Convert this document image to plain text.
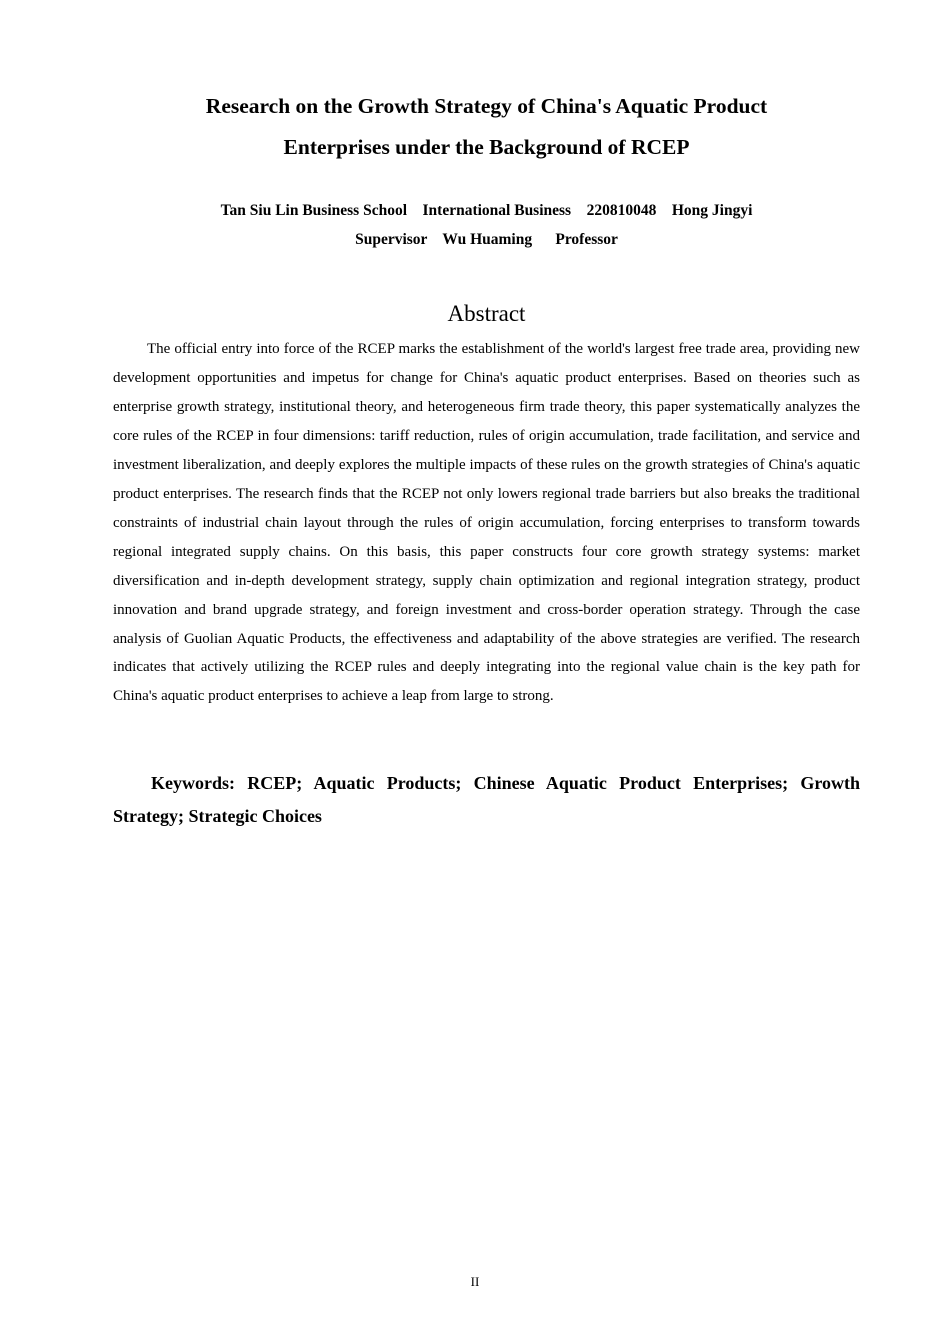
Research on the Growth Strategy of China's Aquatic Product
Enterprises under the Background of RCEP

Tan Siu Lin Business School    International Business    220810048    Hong Jingyi

Supervisor    Wu Huaming      Professor

Abstract

The official entry into force of the RCEP marks the establishment of the world's largest free trade area, providing new development opportunities and impetus for change for China's aquatic product enterprises. Based on theories such as enterprise growth strategy, institutional theory, and heterogeneous firm trade theory, this paper systematically analyzes the core rules of the RCEP in four dimensions: tariff reduction, rules of origin accumulation, trade facilitation, and service and investment liberalization, and deeply explores the multiple impacts of these rules on the growth strategies of China's aquatic product enterprises. The research finds that the RCEP not only lowers regional trade barriers but also breaks the traditional constraints of industrial chain layout through the rules of origin accumulation, forcing enterprises to transform towards regional integrated supply chains. On this basis, this paper constructs four core growth strategy systems: market diversification and in-depth development strategy, supply chain optimization and regional integration strategy, product innovation and brand upgrade strategy, and foreign investment and cross-border operation strategy. Through the case analysis of Guolian Aquatic Products, the effectiveness and adaptability of the above strategies are verified. The research indicates that actively utilizing the RCEP rules and deeply integrating into the regional value chain is the key path for China's aquatic product enterprises to achieve a leap from large to strong.

Keywords: RCEP; Aquatic Products; Chinese Aquatic Product Enterprises; Growth Strategy; Strategic Choices

II
